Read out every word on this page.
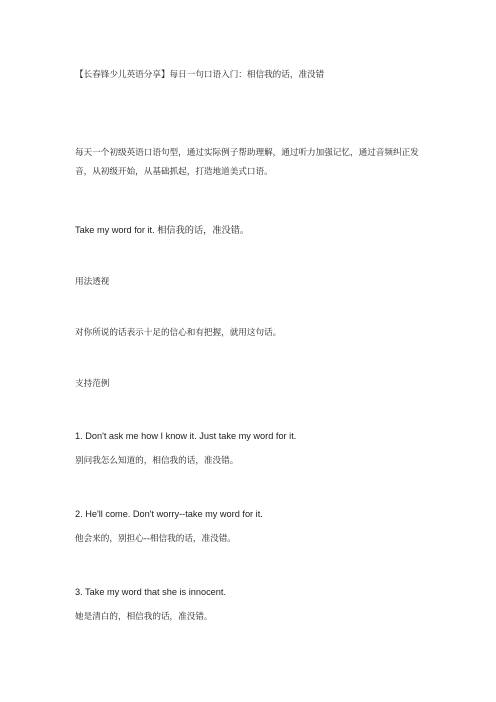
【长春锋少儿英语分享】每日一句口语入门：相信我的话，准没错
每天一个初级英语口语句型，通过实际例子帮助理解，通过听力加强记忆，通过音频纠正发音，从初级开始，从基础抓起，打造地道美式口语。
Take my word for it. 相信我的话，准没错。
用法透视
对你所说的话表示十足的信心和有把握，就用这句话。
支持范例
1. Don't ask me how I know it. Just take my word for it.
别问我怎么知道的，相信我的话，准没错。
2. He'll come. Don't worry--take my word for it.
他会来的，别担心--相信我的话，准没错。
3. Take my word that she is innocent.
她是清白的，相信我的话，准没错。
